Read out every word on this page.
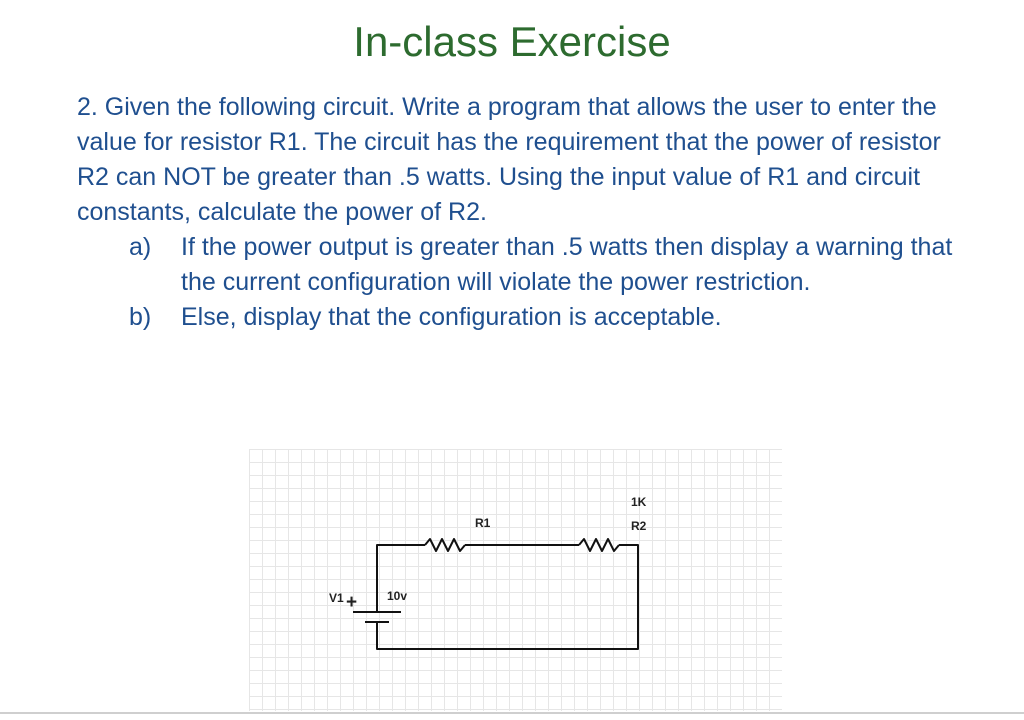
In-class Exercise

2. Given the following circuit. Write a program that allows the user to enter the value for resistor R1. The circuit has the requirement that the power of resistor R2 can NOT be greater than .5 watts. Using the input value of R1 and circuit constants, calculate the power of R2.

a) If the power output is greater than .5 watts then display a warning that the current configuration will violate the power restriction.
b) Else, display that the configuration is acceptable.
R1
1K
R2
V1 + 10v
